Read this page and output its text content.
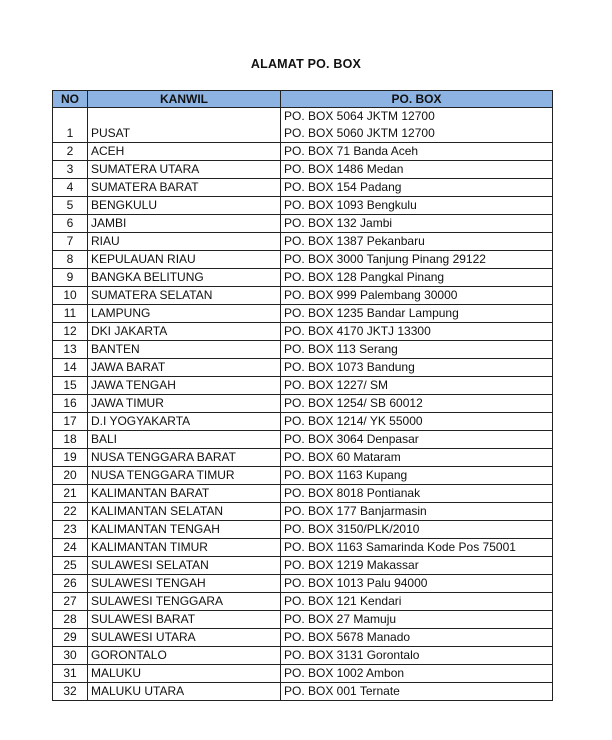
ALAMAT PO. BOX
NO	KANWIL	PO. BOX
1	PUSAT	PO. BOX 5064 JKTM 12700
PO. BOX 5060 JKTM 12700

2	ACEH	PO. BOX 71 Banda Aceh
3	SUMATERA UTARA	PO. BOX 1486 Medan
4	SUMATERA BARAT	PO. BOX 154 Padang
5	BENGKULU	PO. BOX 1093 Bengkulu
6	JAMBI	PO. BOX 132 Jambi
7	RIAU	PO. BOX 1387 Pekanbaru
8	KEPULAUAN RIAU	PO. BOX 3000 Tanjung Pinang 29122
9	BANGKA BELITUNG	PO. BOX 128 Pangkal Pinang
10	SUMATERA SELATAN	PO. BOX 999 Palembang 30000
11	LAMPUNG	PO. BOX 1235 Bandar Lampung
12	DKI JAKARTA	PO. BOX 4170 JKTJ 13300
13	BANTEN	PO. BOX 113 Serang
14	JAWA BARAT	PO. BOX 1073 Bandung
15	JAWA TENGAH	PO. BOX 1227/ SM
16	JAWA TIMUR	PO. BOX 1254/ SB 60012
17	D.I YOGYAKARTA	PO. BOX 1214/ YK 55000
18	BALI	PO. BOX 3064 Denpasar
19	NUSA TENGGARA BARAT	PO. BOX 60 Mataram
20	NUSA TENGGARA TIMUR	PO. BOX 1163 Kupang
21	KALIMANTAN BARAT	PO. BOX 8018 Pontianak
22	KALIMANTAN SELATAN	PO. BOX 177 Banjarmasin
23	KALIMANTAN TENGAH	PO. BOX 3150/PLK/2010
24	KALIMANTAN TIMUR	PO. BOX 1163 Samarinda Kode Pos 75001
25	SULAWESI SELATAN	PO. BOX 1219 Makassar
26	SULAWESI TENGAH	PO. BOX 1013 Palu 94000
27	SULAWESI TENGGARA	PO. BOX 121 Kendari
28	SULAWESI BARAT	PO. BOX 27 Mamuju
29	SULAWESI UTARA	PO. BOX 5678 Manado
30	GORONTALO	PO. BOX 3131 Gorontalo
31	MALUKU	PO. BOX 1002 Ambon
32	MALUKU UTARA	PO. BOX 001 Ternate
